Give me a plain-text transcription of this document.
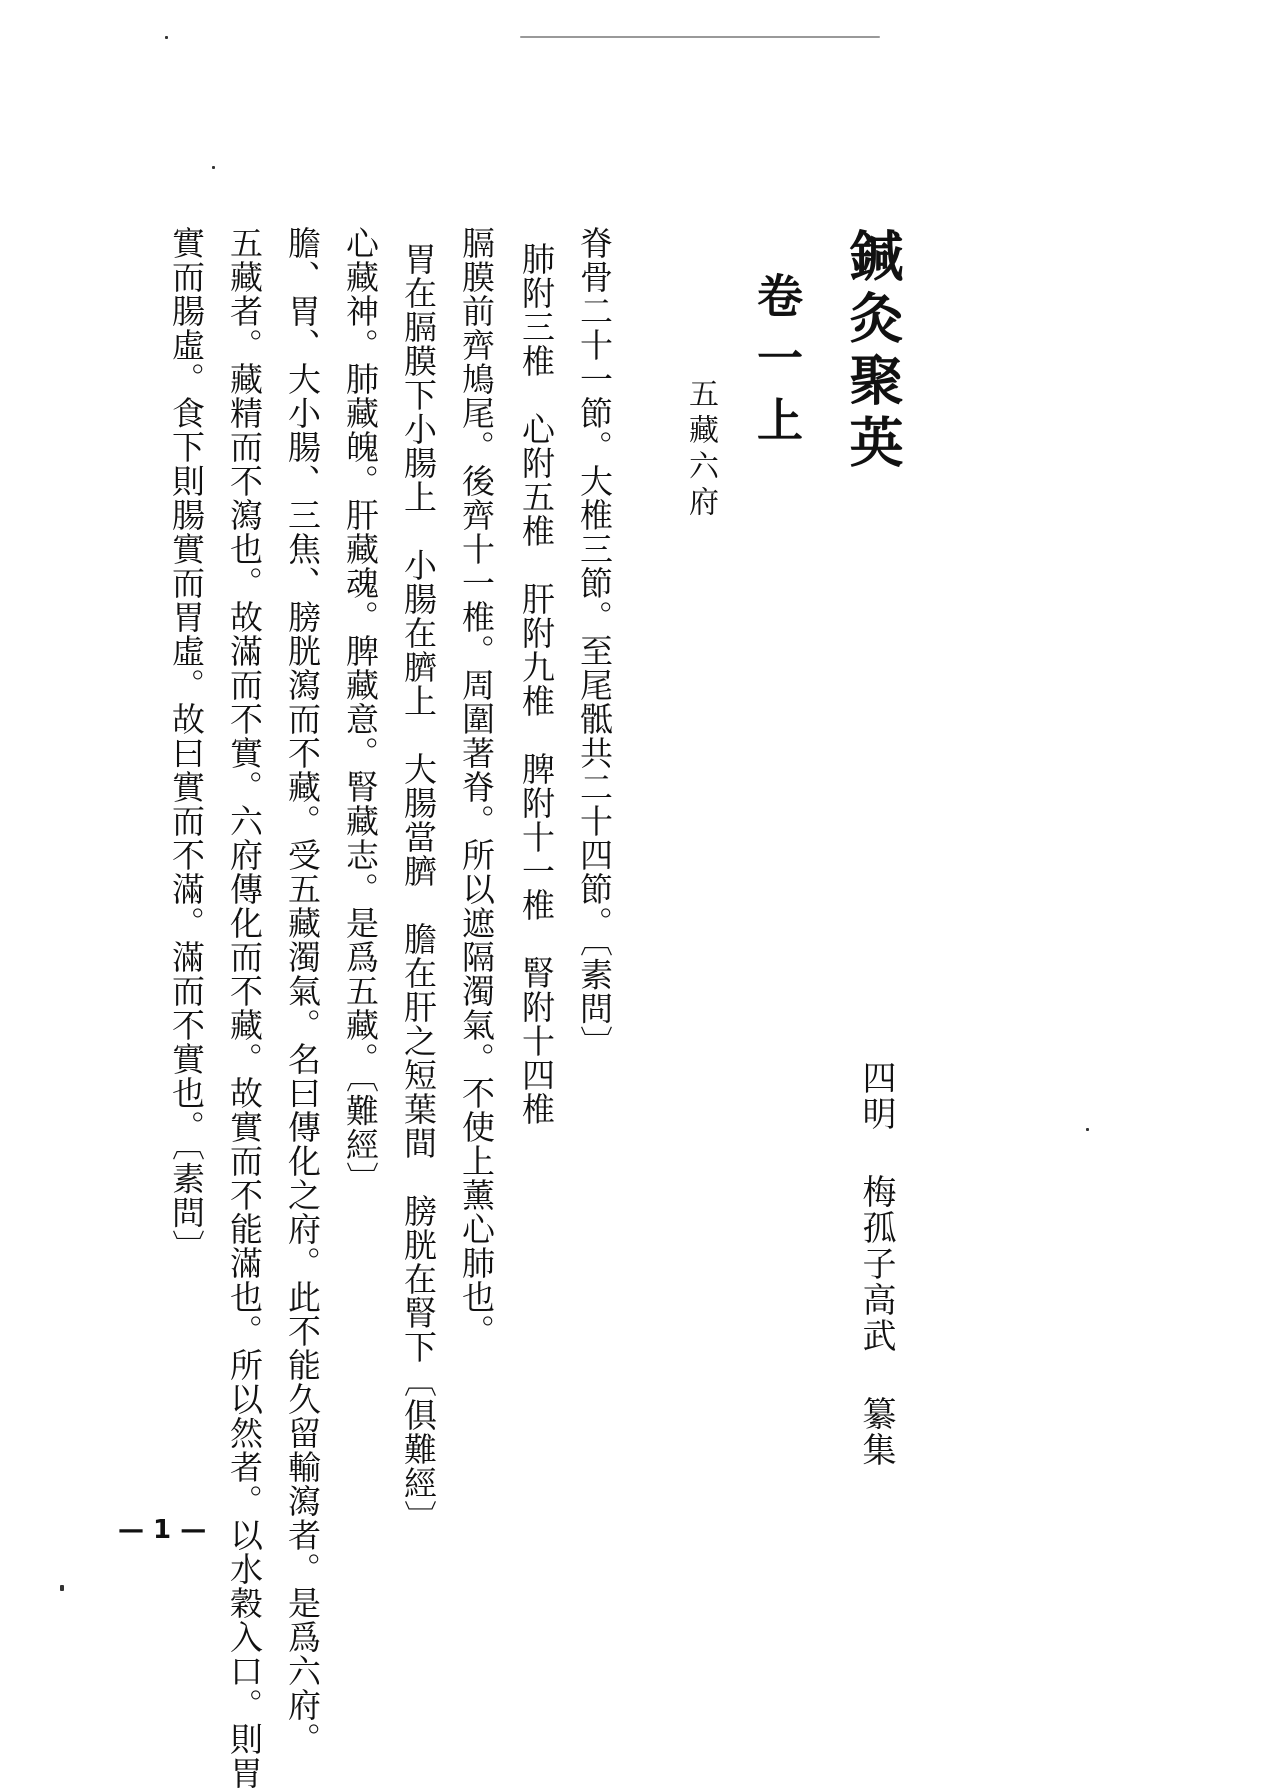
鍼灸聚英
四明 梅孤子高武 纂集
卷一上
五藏六府
脊骨二十一節。大椎三節。至尾骶共二十四節。〔素問〕
肺附三椎　心附五椎　肝附九椎　脾附十一椎　腎附十四椎
膈膜前齊鳩尾。後齊十一椎。周圍著脊。所以遮隔濁氣。不使上薰心肺也。
胃在膈膜下小腸上　小腸在臍上　大腸當臍　膽在肝之短葉間　膀胱在腎下〔俱難經〕
心藏神。肺藏魄。肝藏魂。脾藏意。腎藏志。是爲五藏。〔難經〕
膽、胃、大小腸、三焦、膀胱瀉而不藏。受五藏濁氣。名曰傳化之府。此不能久留輸瀉者。是爲六府。
五藏者。藏精而不瀉也。故滿而不實。六府傳化而不藏。故實而不能滿也。所以然者。以水穀入口。則胃
實而腸虛。食下則腸實而胃虛。故曰實而不滿。滿而不實也。〔素問〕
— 1 —
